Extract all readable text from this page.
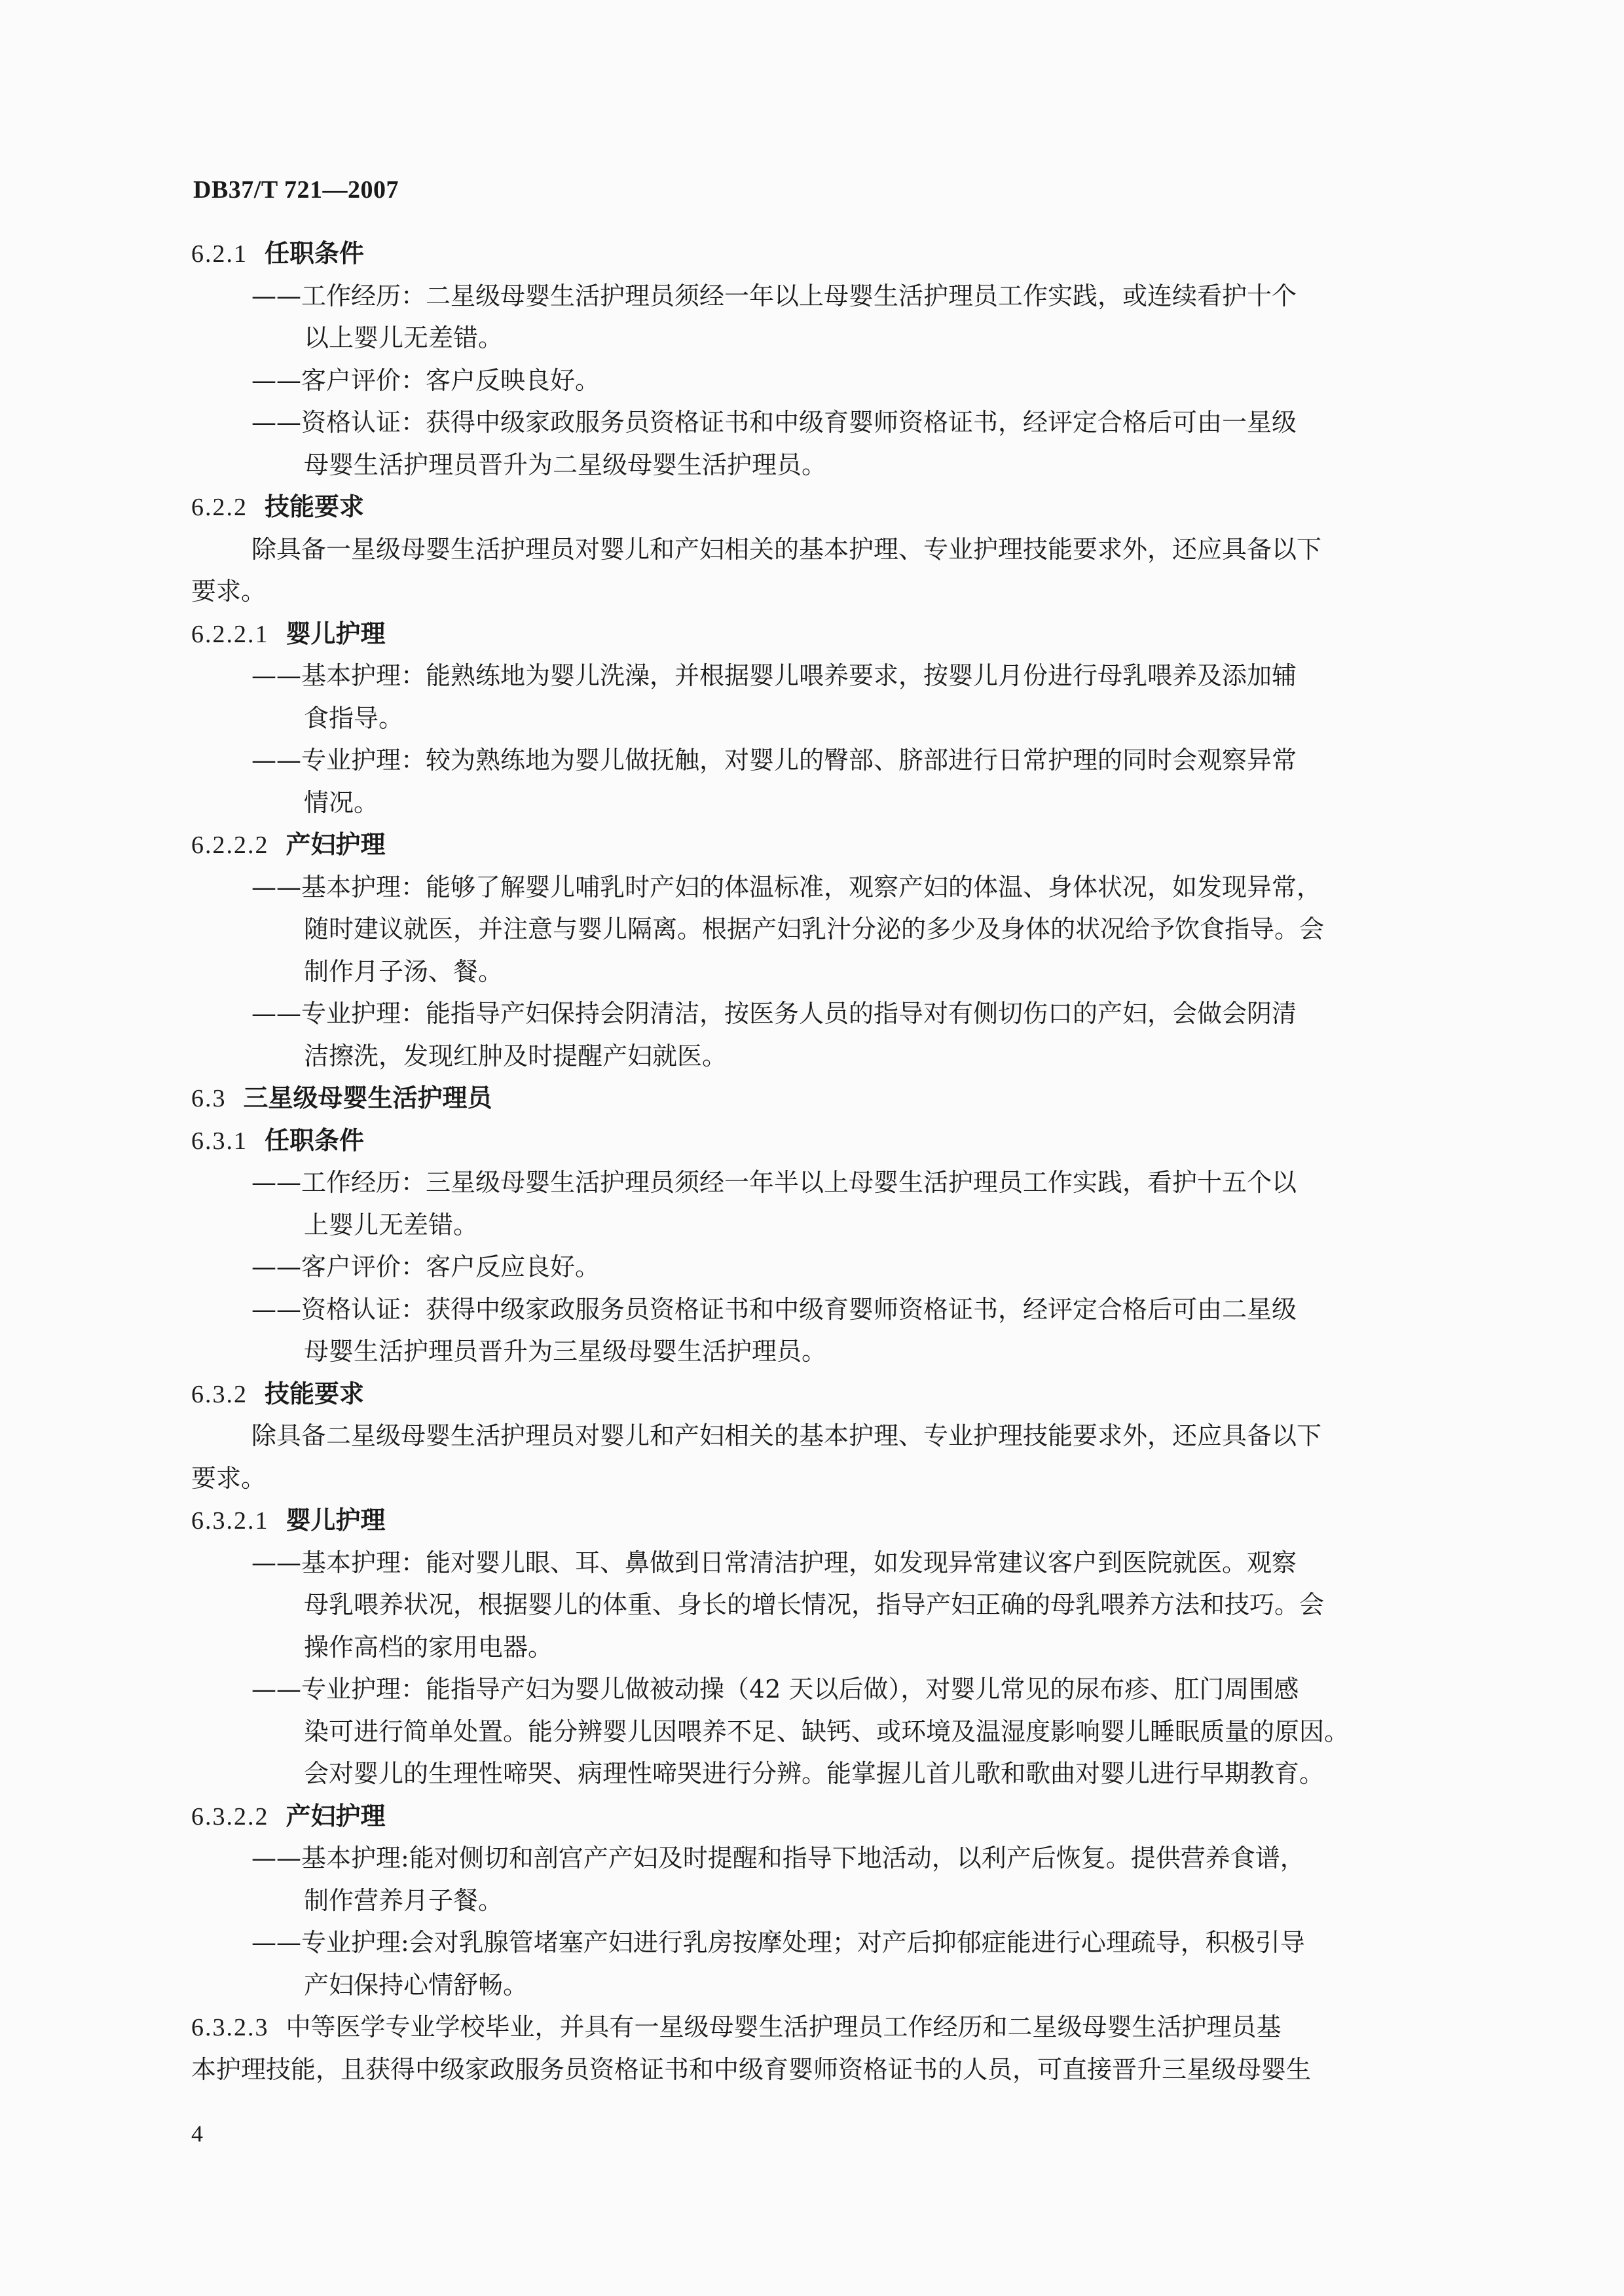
DB37/T 721—2007
6.2.1 任职条件
——工作经历：二星级母婴生活护理员须经一年以上母婴生活护理员工作实践，或连续看护十个
以上婴儿无差错。
——客户评价：客户反映良好。
——资格认证：获得中级家政服务员资格证书和中级育婴师资格证书，经评定合格后可由一星级
母婴生活护理员晋升为二星级母婴生活护理员。
6.2.2 技能要求
除具备一星级母婴生活护理员对婴儿和产妇相关的基本护理、专业护理技能要求外，还应具备以下
要求。
6.2.2.1 婴儿护理
——基本护理：能熟练地为婴儿洗澡，并根据婴儿喂养要求，按婴儿月份进行母乳喂养及添加辅
食指导。
——专业护理：较为熟练地为婴儿做抚触，对婴儿的臀部、脐部进行日常护理的同时会观察异常
情况。
6.2.2.2 产妇护理
——基本护理：能够了解婴儿哺乳时产妇的体温标准，观察产妇的体温、身体状况，如发现异常，
随时建议就医，并注意与婴儿隔离。根据产妇乳汁分泌的多少及身体的状况给予饮食指导。会
制作月子汤、餐。
——专业护理：能指导产妇保持会阴清洁，按医务人员的指导对有侧切伤口的产妇，会做会阴清
洁擦洗，发现红肿及时提醒产妇就医。
6.3 三星级母婴生活护理员
6.3.1 任职条件
——工作经历：三星级母婴生活护理员须经一年半以上母婴生活护理员工作实践，看护十五个以
上婴儿无差错。
——客户评价：客户反应良好。
——资格认证：获得中级家政服务员资格证书和中级育婴师资格证书，经评定合格后可由二星级
母婴生活护理员晋升为三星级母婴生活护理员。
6.3.2 技能要求
除具备二星级母婴生活护理员对婴儿和产妇相关的基本护理、专业护理技能要求外，还应具备以下
要求。
6.3.2.1 婴儿护理
——基本护理：能对婴儿眼、耳、鼻做到日常清洁护理，如发现异常建议客户到医院就医。观察
母乳喂养状况，根据婴儿的体重、身长的增长情况，指导产妇正确的母乳喂养方法和技巧。会
操作高档的家用电器。
——专业护理：能指导产妇为婴儿做被动操（42 天以后做），对婴儿常见的尿布疹、肛门周围感
染可进行简单处置。能分辨婴儿因喂养不足、缺钙、或环境及温湿度影响婴儿睡眠质量的原因。
会对婴儿的生理性啼哭、病理性啼哭进行分辨。能掌握儿首儿歌和歌曲对婴儿进行早期教育。
6.3.2.2 产妇护理
——基本护理:能对侧切和剖宫产产妇及时提醒和指导下地活动，以利产后恢复。提供营养食谱，
制作营养月子餐。
——专业护理:会对乳腺管堵塞产妇进行乳房按摩处理；对产后抑郁症能进行心理疏导，积极引导
产妇保持心情舒畅。
6.3.2.3 中等医学专业学校毕业，并具有一星级母婴生活护理员工作经历和二星级母婴生活护理员基
本护理技能，且获得中级家政服务员资格证书和中级育婴师资格证书的人员，可直接晋升三星级母婴生
4
